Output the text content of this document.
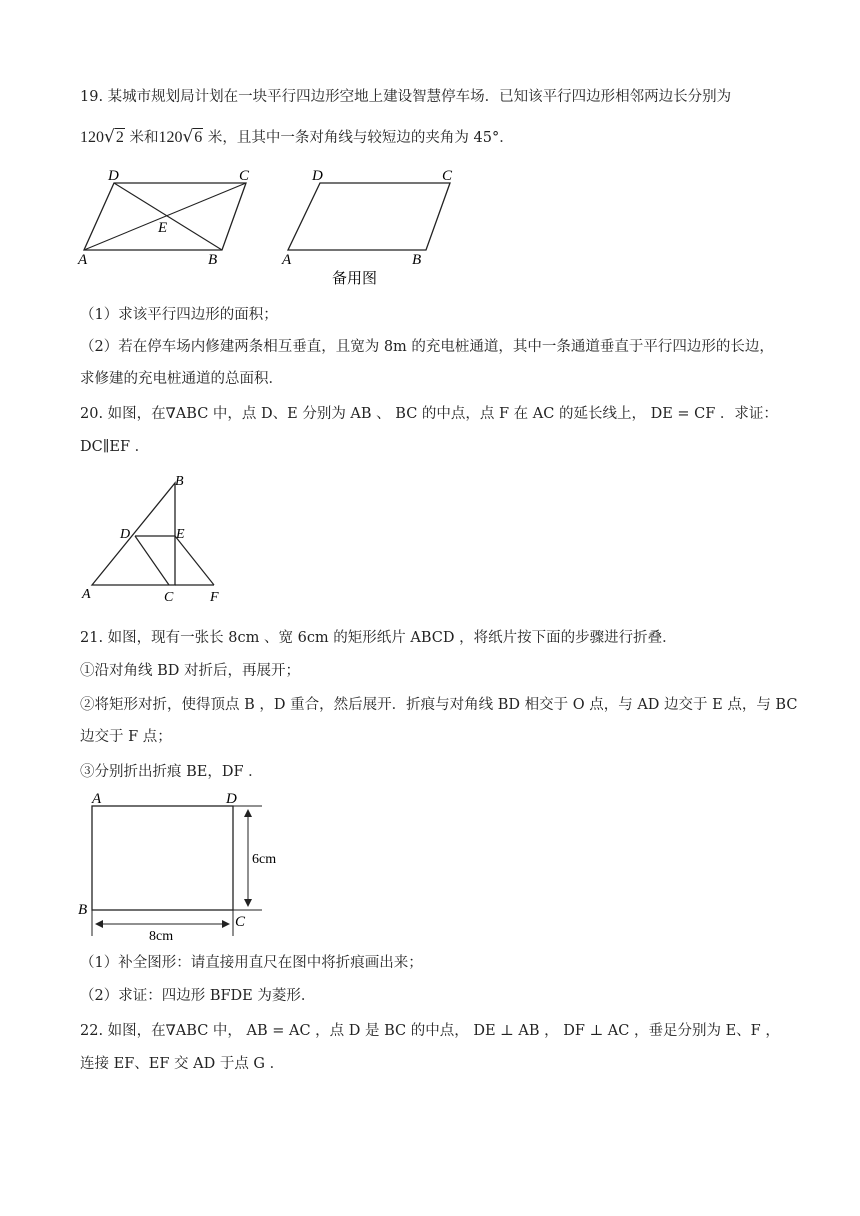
19. 某城市规划局计划在一块平行四边形空地上建设智慧停车场．已知该平行四边形相邻两边长分别为
120√2 米和120√6 米，且其中一条对角线与较短边的夹角为 45°．
D	C
A	B
E
D	C
A	B
备用图
（1）求该平行四边形的面积；
（2）若在停车场内修建两条相互垂直，且宽为 8m 的充电桩通道，其中一条通道垂直于平行四边形的长边，
求修建的充电桩通道的总面积．
20. 如图，在∇ABC 中，点 D、E 分别为 AB 、 BC 的中点，点 F 在 AC 的延长线上， DE = CF ．求证：
DC∥EF ．
B
D	E
A	C	F
21. 如图，现有一张长 8cm 、宽 6cm 的矩形纸片 ABCD ，将纸片按下面的步骤进行折叠．
①沿对角线 BD 对折后，再展开；
②将矩形对折，使得顶点 B ，D 重合，然后展开．折痕与对角线 BD 相交于 O 点，与 AD 边交于 E 点，与 BC
边交于 F 点；
③分别折出折痕 BE，DF ．
A	D
B
C
6cm
8cm
（1）补全图形：请直接用直尺在图中将折痕画出来；
（2）求证：四边形 BFDE 为菱形．
22. 如图，在∇ABC 中， AB = AC ，点 D 是 BC 的中点， DE ⊥ AB ， DF ⊥ AC ，垂足分别为 E、F ，
连接 EF、EF 交 AD 于点 G ．
